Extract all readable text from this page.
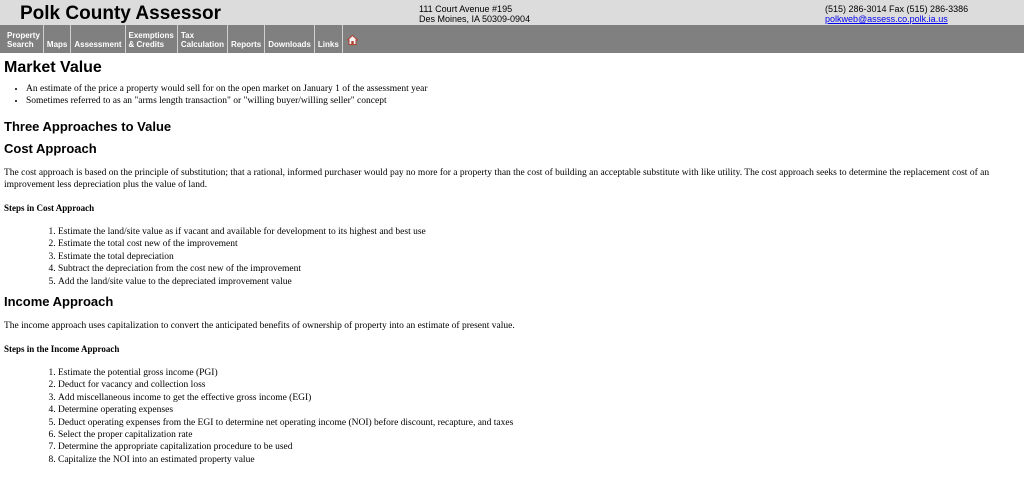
Polk County Assessor	111 Court Avenue #195
Des Moines, IA 50309-0904
(515) 286-3014 Fax (515) 286-3386
polkweb@assess.co.polk.ia.us
Property
Search	Maps Assessment
Exemptions
& Credits
Tax
Calculation Reports Downloads Links
Market Value
• An estimate of the price a property would sell for on the open market on January 1 of the assessment year
• Sometimes referred to as an "arms length transaction" or "willing buyer/willing seller" concept
Three Approaches to Value
Cost Approach

The cost approach is based on the principle of substitution; that a rational, informed purchaser would pay no more for a property than the cost of building an acceptable substitute with like utility. The cost approach seeks to determine the replacement cost of an improvement less depreciation plus the value of land.

Steps in Cost Approach
1. Estimate the land/site value as if vacant and available for development to its highest and best use
2. Estimate the total cost new of the improvement
3. Estimate the total depreciation
4. Subtract the depreciation from the cost new of the improvement
5. Add the land/site value to the depreciated improvement value
Income Approach

The income approach uses capitalization to convert the anticipated benefits of ownership of property into an estimate of present value.

Steps in the Income Approach
1. Estimate the potential gross income (PGI)
2. Deduct for vacancy and collection loss
3. Add miscellaneous income to get the effective gross income (EGI)
4. Determine operating expenses
5. Deduct operating expenses from the EGI to determine net operating income (NOI) before discount, recapture, and taxes
6. Select the proper capitalization rate
7. Determine the appropriate capitalization procedure to be used
8. Capitalize the NOI into an estimated property value
